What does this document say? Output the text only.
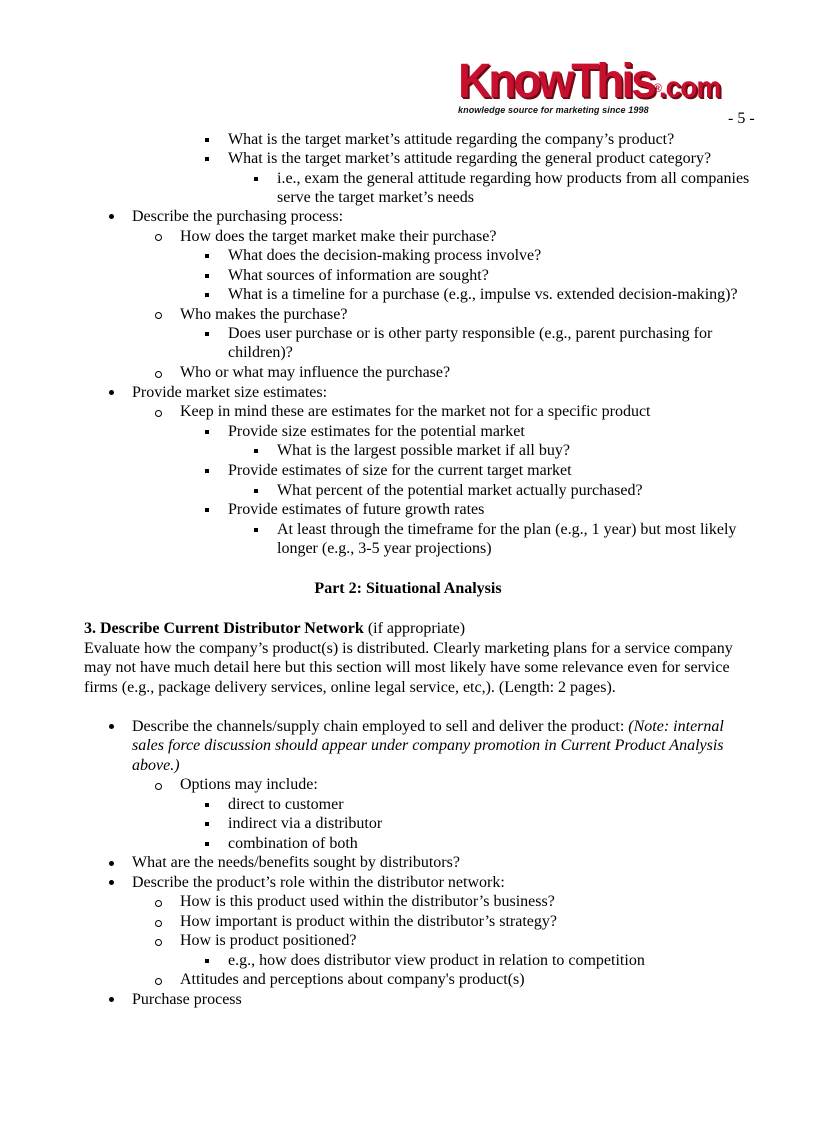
KnowThis®.com
knowledge source for marketing since 1998	- 5 -
What is the target market’s attitude regarding the company’s product?
What is the target market’s attitude regarding the general product category?
i.e., exam the general attitude regarding how products from all companies
serve the target market’s needs
Describe the purchasing process:
How does the target market make their purchase?
What does the decision-making process involve?
What sources of information are sought?
What is a timeline for a purchase (e.g., impulse vs. extended decision-making)?
Who makes the purchase?
Does user purchase or is other party responsible (e.g., parent purchasing for
children)?
Who or what may influence the purchase?
Provide market size estimates:
Keep in mind these are estimates for the market not for a specific product
Provide size estimates for the potential market
What is the largest possible market if all buy?
Provide estimates of size for the current target market
What percent of the potential market actually purchased?
Provide estimates of future growth rates
At least through the timeframe for the plan (e.g., 1 year) but most likely
longer (e.g., 3-5 year projections)
Part 2: Situational Analysis
3. Describe Current Distributor Network (if appropriate)
Evaluate how the company’s product(s) is distributed. Clearly marketing plans for a service company
may not have much detail here but this section will most likely have some relevance even for service
firms (e.g., package delivery services, online legal service, etc,). (Length: 2 pages).
Describe the channels/supply chain employed to sell and deliver the product: (Note: internal
sales force discussion should appear under company promotion in Current Product Analysis
above.)
Options may include:
direct to customer
indirect via a distributor
combination of both
What are the needs/benefits sought by distributors?
Describe the product’s role within the distributor network:
How is this product used within the distributor’s business?
How important is product within the distributor’s strategy?
How is product positioned?
e.g., how does distributor view product in relation to competition
Attitudes and perceptions about company's product(s)
Purchase process
